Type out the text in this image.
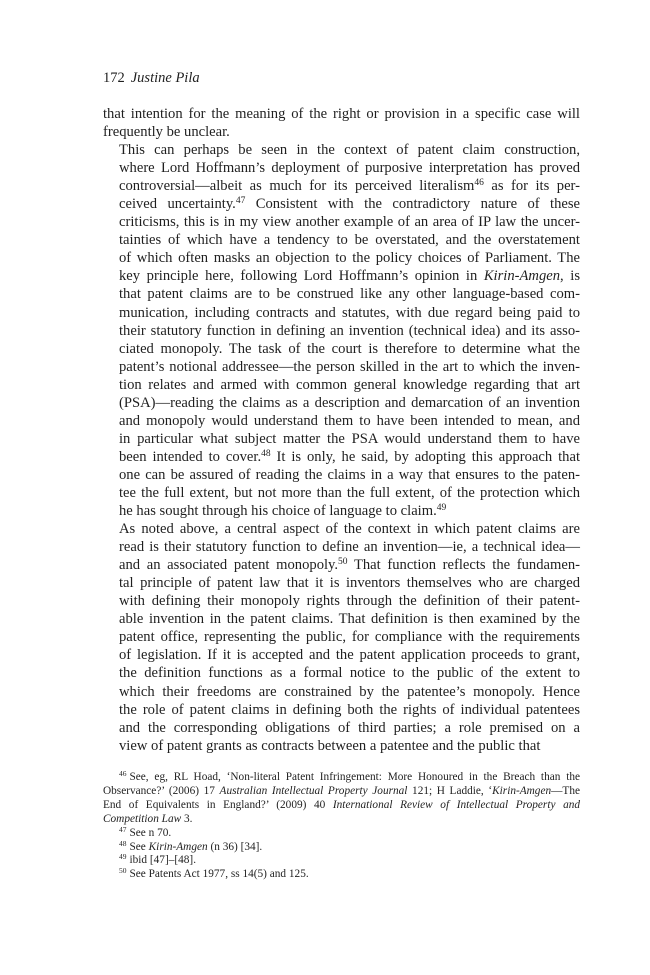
172 Justine Pila

that intention for the meaning of the right or provision in a specific case will
frequently be unclear.

This can perhaps be seen in the context of patent claim construction,
where Lord Hoffmann’s deployment of purposive interpretation has proved
controversial—albeit as much for its perceived literalism$^{46}$ as for its per-
ceived uncertainty.$^{47}$ Consistent with the contradictory nature of these
criticisms, this is in my view another example of an area of IP law the uncer-
tainties of which have a tendency to be overstated, and the overstatement
of which often masks an objection to the policy choices of Parliament. The
key principle here, following Lord Hoffmann’s opinion in Kirin-Amgen, is
that patent claims are to be construed like any other language-based com-
munication, including contracts and statutes, with due regard being paid to
their statutory function in defining an invention (technical idea) and its asso-
ciated monopoly. The task of the court is therefore to determine what the
patent’s notional addressee—the person skilled in the art to which the inven-
tion relates and armed with common general knowledge regarding that art
(PSA)—reading the claims as a description and demarcation of an invention
and monopoly would understand them to have been intended to mean, and
in particular what subject matter the PSA would understand them to have
been intended to cover.$^{48}$ It is only, he said, by adopting this approach that
one can be assured of reading the claims in a way that ensures to the paten-
tee the full extent, but not more than the full extent, of the protection which
he has sought through his choice of language to claim.$^{49}$

As noted above, a central aspect of the context in which patent claims are
read is their statutory function to define an invention—ie, a technical idea—
and an associated patent monopoly.$^{50}$ That function reflects the fundamen-
tal principle of patent law that it is inventors themselves who are charged
with defining their monopoly rights through the definition of their patent-
able invention in the patent claims. That definition is then examined by the
patent office, representing the public, for compliance with the requirements
of legislation. If it is accepted and the patent application proceeds to grant,
the definition functions as a formal notice to the public of the extent to
which their freedoms are constrained by the patentee’s monopoly. Hence
the role of patent claims in defining both the rights of individual patentees
and the corresponding obligations of third parties; a role premised on a
view of patent grants as contracts between a patentee and the public that

$^{46}$ See, eg, RL Hoad, ‘Non-literal Patent Infringement: More Honoured in the Breach than the Observance?’ (2006) 17 Australian Intellectual Property Journal 121; H Laddie, ‘Kirin-Amgen—The End of Equivalents in England?’ (2009) 40 International Review of Intellectual Property and Competition Law 3.

$^{47}$ See n 70.

$^{48}$ See Kirin-Amgen (n 36) [34].

$^{49}$ ibid [47]–[48].

$^{50}$ See Patents Act 1977, ss 14(5) and 125.
